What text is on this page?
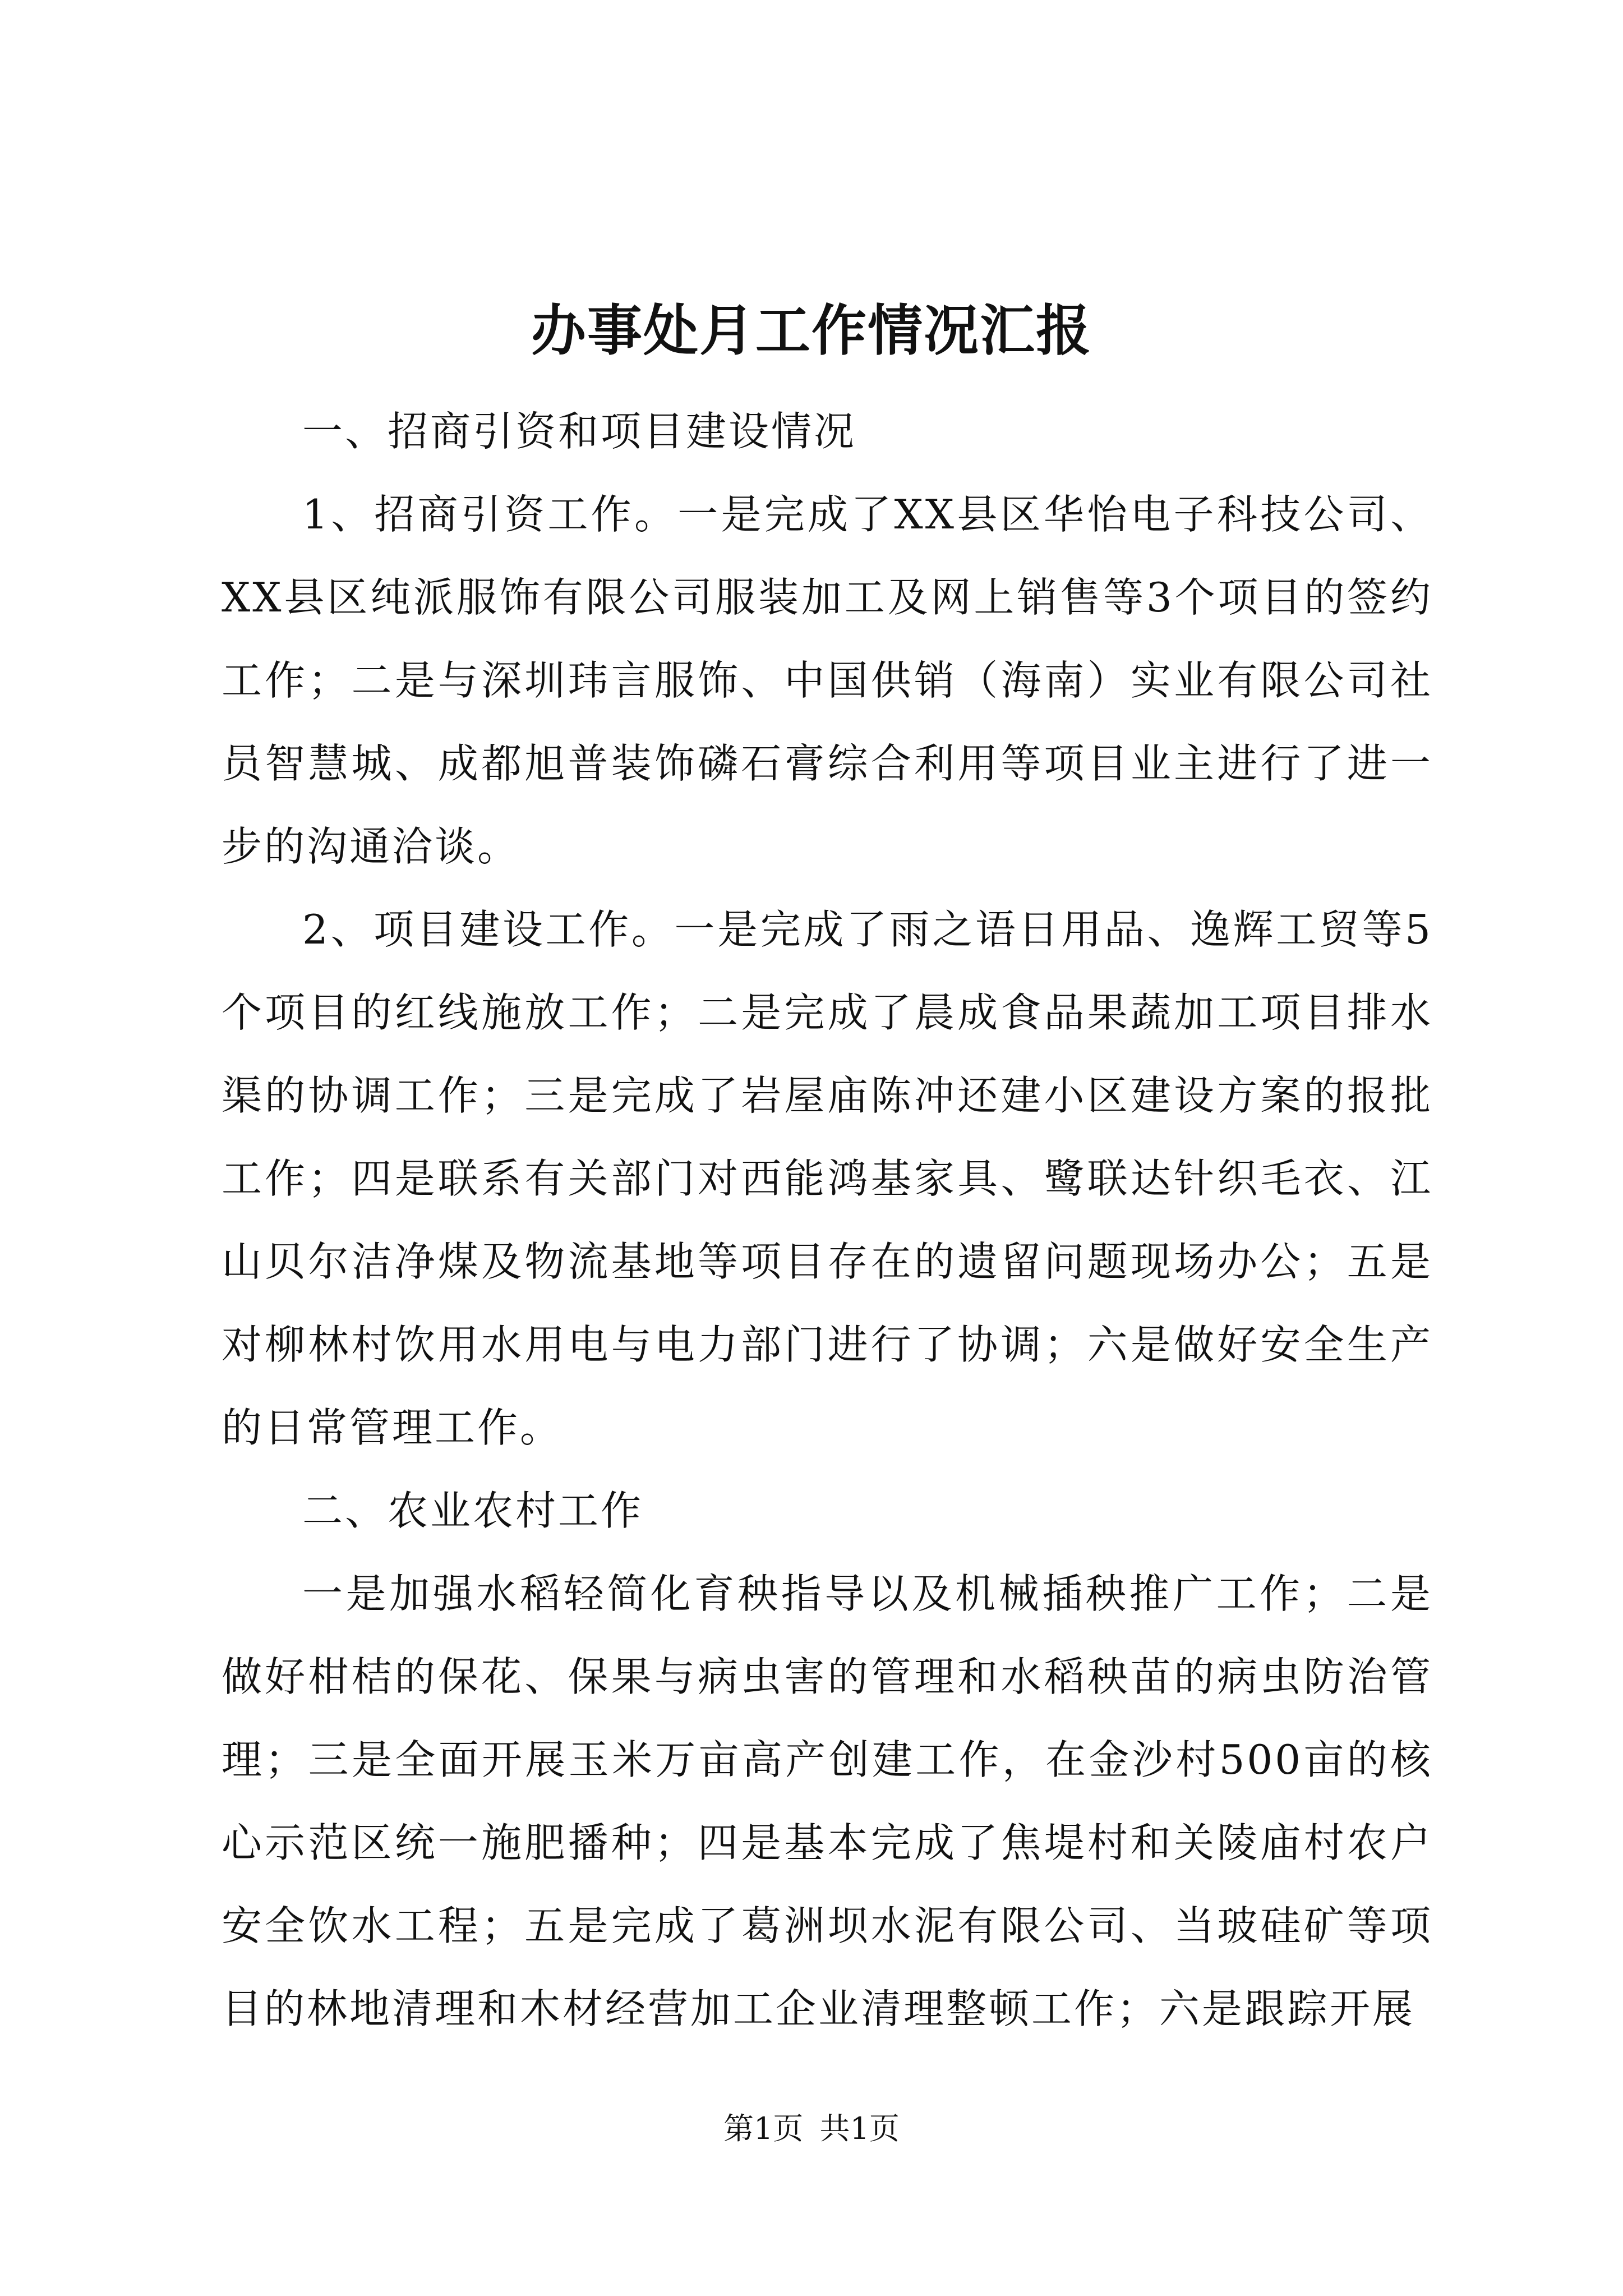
办事处月工作情况汇报

一、招商引资和项目建设情况

1、招商引资工作。一是完成了XX县区华怡电子科技公司、XX县区纯派服饰有限公司服装加工及网上销售等3个项目的签约工作；二是与深圳玮言服饰、中国供销（海南）实业有限公司社员智慧城、成都旭普装饰磷石膏综合利用等项目业主进行了进一步的沟通洽谈。

2、项目建设工作。一是完成了雨之语日用品、逸辉工贸等5个项目的红线施放工作；二是完成了晨成食品果蔬加工项目排水渠的协调工作；三是完成了岩屋庙陈冲还建小区建设方案的报批工作；四是联系有关部门对西能鸿基家具、鹭联达针织毛衣、江山贝尔洁净煤及物流基地等项目存在的遗留问题现场办公；五是对柳林村饮用水用电与电力部门进行了协调；六是做好安全生产的日常管理工作。

二、农业农村工作

一是加强水稻轻简化育秧指导以及机械插秧推广工作；二是做好柑桔的保花、保果与病虫害的管理和水稻秧苗的病虫防治管理；三是全面开展玉米万亩高产创建工作，在金沙村500亩的核心示范区统一施肥播种；四是基本完成了焦堤村和关陵庙村农户安全饮水工程；五是完成了葛洲坝水泥有限公司、当玻硅矿等项目的林地清理和木材经营加工企业清理整顿工作；六是跟踪开展

第1页 共1页
